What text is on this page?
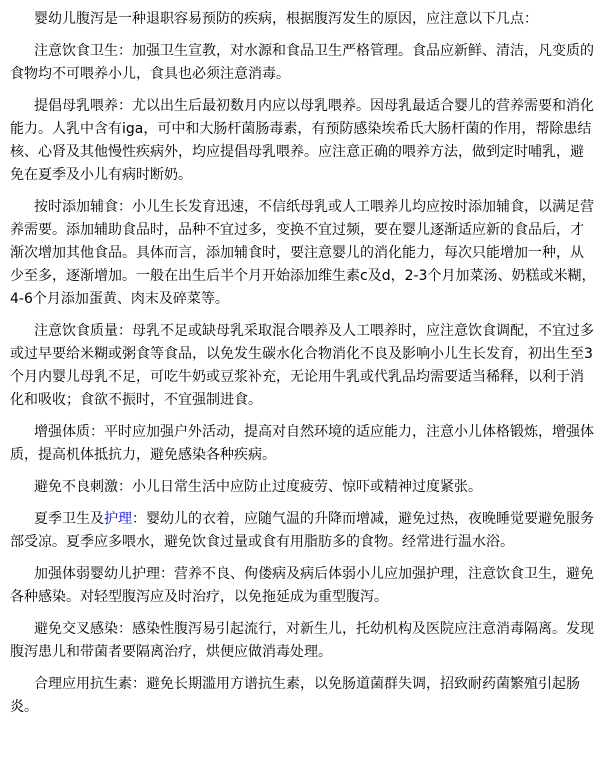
婴幼儿腹泻是一种退职容易预防的疾病，根据腹泻发生的原因，应注意以下几点：

注意饮食卫生：加强卫生宣教，对水源和食品卫生严格管理。食品应新鲜、清洁，凡变质的食物均不可喂养小儿，食具也必须注意消毒。

提倡母乳喂养：尤以出生后最初数月内应以母乳喂养。因母乳最适合婴儿的营养需要和消化能力。人乳中含有iga，可中和大肠杆菌肠毒素，有预防感染埃希氏大肠杆菌的作用，帮除患结核、心肾及其他慢性疾病外，均应提倡母乳喂养。应注意正确的喂养方法，做到定时哺乳，避免在夏季及小儿有病时断奶。

按时添加辅食：小儿生长发育迅速，不信纸母乳或人工喂养儿均应按时添加辅食，以满足营养需要。添加辅助食品时，品种不宜过多，变换不宜过频，要在婴儿逐渐适应新的食品后，才渐次增加其他食品。具体而言，添加辅食时，要注意婴儿的消化能力，每次只能增加一种，从少至多，逐渐增加。一般在出生后半个月开始添加维生素c及d，2-3个月加菜汤、奶糕或米糊，4-6个月添加蛋黄、肉末及碎菜等。

注意饮食质量：母乳不足或缺母乳采取混合喂养及人工喂养时，应注意饮食调配，不宜过多或过早要给米糊或粥食等食品，以免发生碳水化合物消化不良及影响小儿生长发育，初出生至3个月内婴儿母乳不足，可吃牛奶或豆浆补充，无论用牛乳或代乳品均需要适当稀释，以利于消化和吸收；食欲不振时，不宜强制进食。

增强体质：平时应加强户外活动，提高对自然环境的适应能力，注意小儿体格锻炼，增强体质，提高机体抵抗力，避免感染各种疾病。

避免不良刺激：小儿日常生活中应防止过度疲劳、惊吓或精神过度紧张。

夏季卫生及护理：婴幼儿的衣着，应随气温的升降而增减，避免过热，夜晚睡觉要避免服务部受凉。夏季应多喂水，避免饮食过量或食有用脂肪多的食物。经常进行温水浴。

加强体弱婴幼儿护理：营养不良、佝偻病及病后体弱小儿应加强护理，注意饮食卫生，避免各种感染。对轻型腹泻应及时治疗，以免拖延成为重型腹泻。

避免交叉感染：感染性腹泻易引起流行，对新生儿，托幼机构及医院应注意消毒隔离。发现腹泻患儿和带菌者要隔离治疗，烘便应做消毒处理。

合理应用抗生素：避免长期滥用方谱抗生素，以免肠道菌群失调，招致耐药菌繁殖引起肠炎。
